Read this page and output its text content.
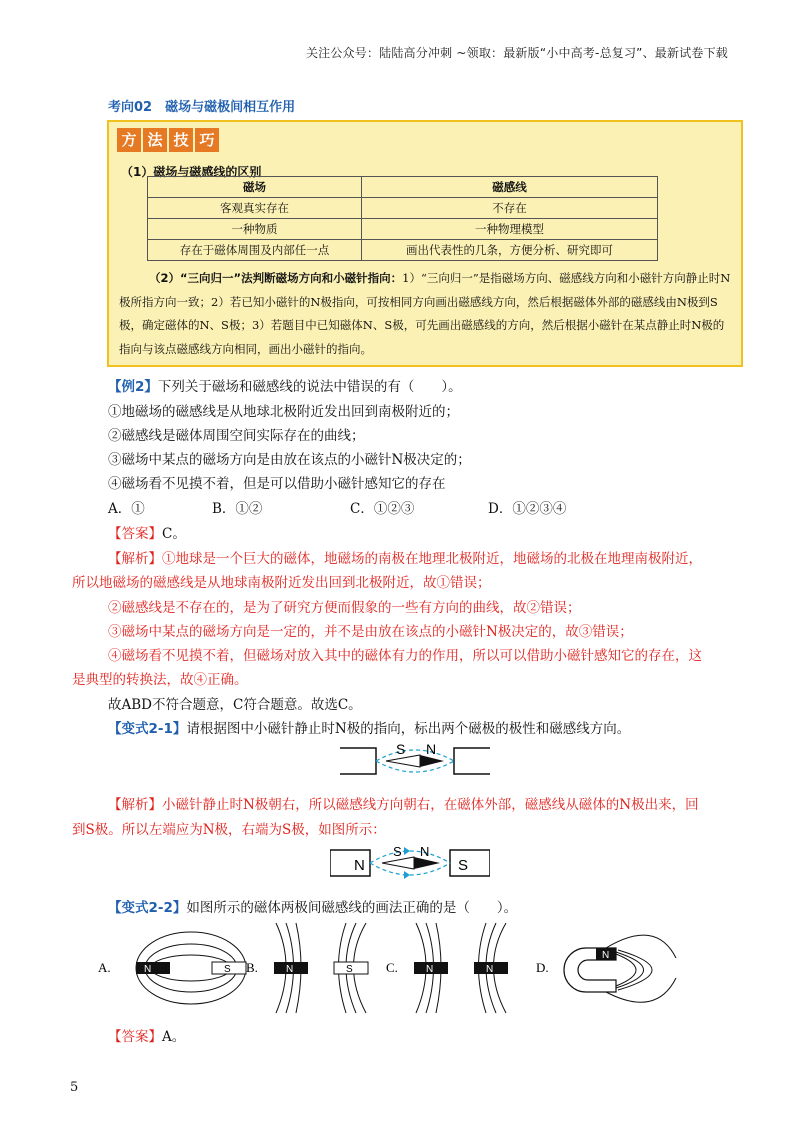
关注公众号：陆陆高分冲刺 ~领取：最新版“小中高考-总复习”、最新试卷下载
考向02　磁场与磁极间相互作用
方 法 技 巧
（1）磁场与磁感线的区别
磁场	磁感线
客观真实存在	不存在
一种物质	一种物理模型
存在于磁体周围及内部任一点	画出代表性的几条，方便分析、研究即可
（2）“三向归一”法判断磁场方向和小磁针指向：1）“三向归一”是指磁场方向、磁感线方向和小磁针方向静止时N极所指方向一致；2）若已知小磁针的N极指向，可按相同方向画出磁感线方向，然后根据磁体外部的磁感线由N极到S极，确定磁体的N、S极；3）若题目中已知磁体N、S极，可先画出磁感线的方向，然后根据小磁针在某点静止时N极的指向与该点磁感线方向相同，画出小磁针的指向。
【例2】下列关于磁场和磁感线的说法中错误的有（　　）。
①地磁场的磁感线是从地球北极附近发出回到南极附近的；
②磁感线是磁体周围空间实际存在的曲线；
③磁场中某点的磁场方向是由放在该点的小磁针N极决定的；
④磁场看不见摸不着，但是可以借助小磁针感知它的存在
A．①	B．①②	C．①②③	D．①②③④
【答案】C。
【解析】①地球是一个巨大的磁体，地磁场的南极在地理北极附近，地磁场的北极在地理南极附近，
所以地磁场的磁感线是从地球南极附近发出回到北极附近，故①错误；
②磁感线是不存在的，是为了研究方便而假象的一些有方向的曲线，故②错误；
③磁场中某点的磁场方向是一定的，并不是由放在该点的小磁针N极决定的，故③错误；
④磁场看不见摸不着，但磁场对放入其中的磁体有力的作用，所以可以借助小磁针感知它的存在，这
是典型的转换法，故④正确。
故ABD不符合题意，C符合题意。故选C。
【变式2-1】请根据图中小磁针静止时N极的指向，标出两个磁极的极性和磁感线方向。
S N
【解析】小磁针静止时N极朝右，所以磁感线方向朝右，在磁体外部，磁感线从磁体的N极出来，回
到S极。所以左端应为N极，右端为S极，如图所示：
N	S
S N
【变式2-2】如图所示的磁体两极间磁感线的画法正确的是（　　）。
A.	N	S B.	N	S	C.	N	N	D.
N
【答案】A。
5
